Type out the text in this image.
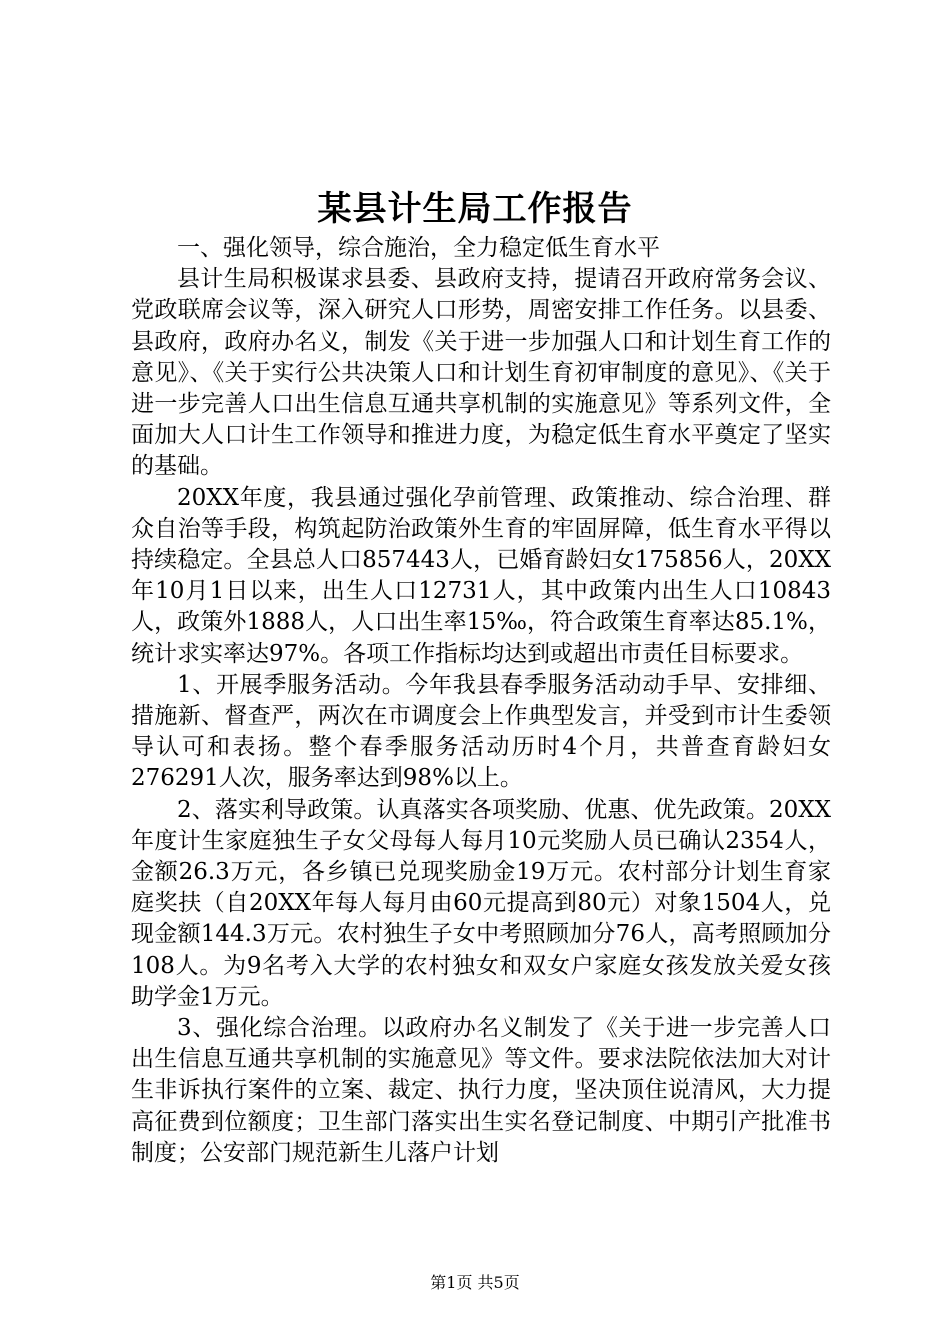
某县计生局工作报告

一、强化领导，综合施治，全力稳定低生育水平

县计生局积极谋求县委、县政府支持，提请召开政府常务会议、党政联席会议等，深入研究人口形势，周密安排工作任务。以县委、县政府，政府办名义，制发《关于进一步加强人口和计划生育工作的意见》、《关于实行公共决策人口和计划生育初审制度的意见》、《关于进一步完善人口出生信息互通共享机制的实施意见》等系列文件，全面加大人口计生工作领导和推进力度，为稳定低生育水平奠定了坚实的基础。

20XX年度，我县通过强化孕前管理、政策推动、综合治理、群众自治等手段，构筑起防治政策外生育的牢固屏障，低生育水平得以持续稳定。全县总人口857443人，已婚育龄妇女175856人，20XX年10月1日以来，出生人口12731人，其中政策内出生人口10843人，政策外1888人，人口出生率15‰，符合政策生育率达85.1%，统计求实率达97%。各项工作指标均达到或超出市责任目标要求。

1、开展季服务活动。今年我县春季服务活动动手早、安排细、措施新、督查严，两次在市调度会上作典型发言，并受到市计生委领导认可和表扬。整个春季服务活动历时4个月，共普查育龄妇女276291人次，服务率达到98%以上。

2、落实利导政策。认真落实各项奖励、优惠、优先政策。20XX年度计生家庭独生子女父母每人每月10元奖励人员已确认2354人，金额26.3万元，各乡镇已兑现奖励金19万元。农村部分计划生育家庭奖扶（自20XX年每人每月由60元提高到80元）对象1504人，兑现金额144.3万元。农村独生子女中考照顾加分76人，高考照顾加分108人。为9名考入大学的农村独女和双女户家庭女孩发放关爱女孩助学金1万元。

3、强化综合治理。以政府办名义制发了《关于进一步完善人口出生信息互通共享机制的实施意见》等文件。要求法院依法加大对计生非诉执行案件的立案、裁定、执行力度，坚决顶住说清风，大力提高征费到位额度；卫生部门落实出生实名登记制度、中期引产批准书制度；公安部门规范新生儿落户计划

第1页 共5页
